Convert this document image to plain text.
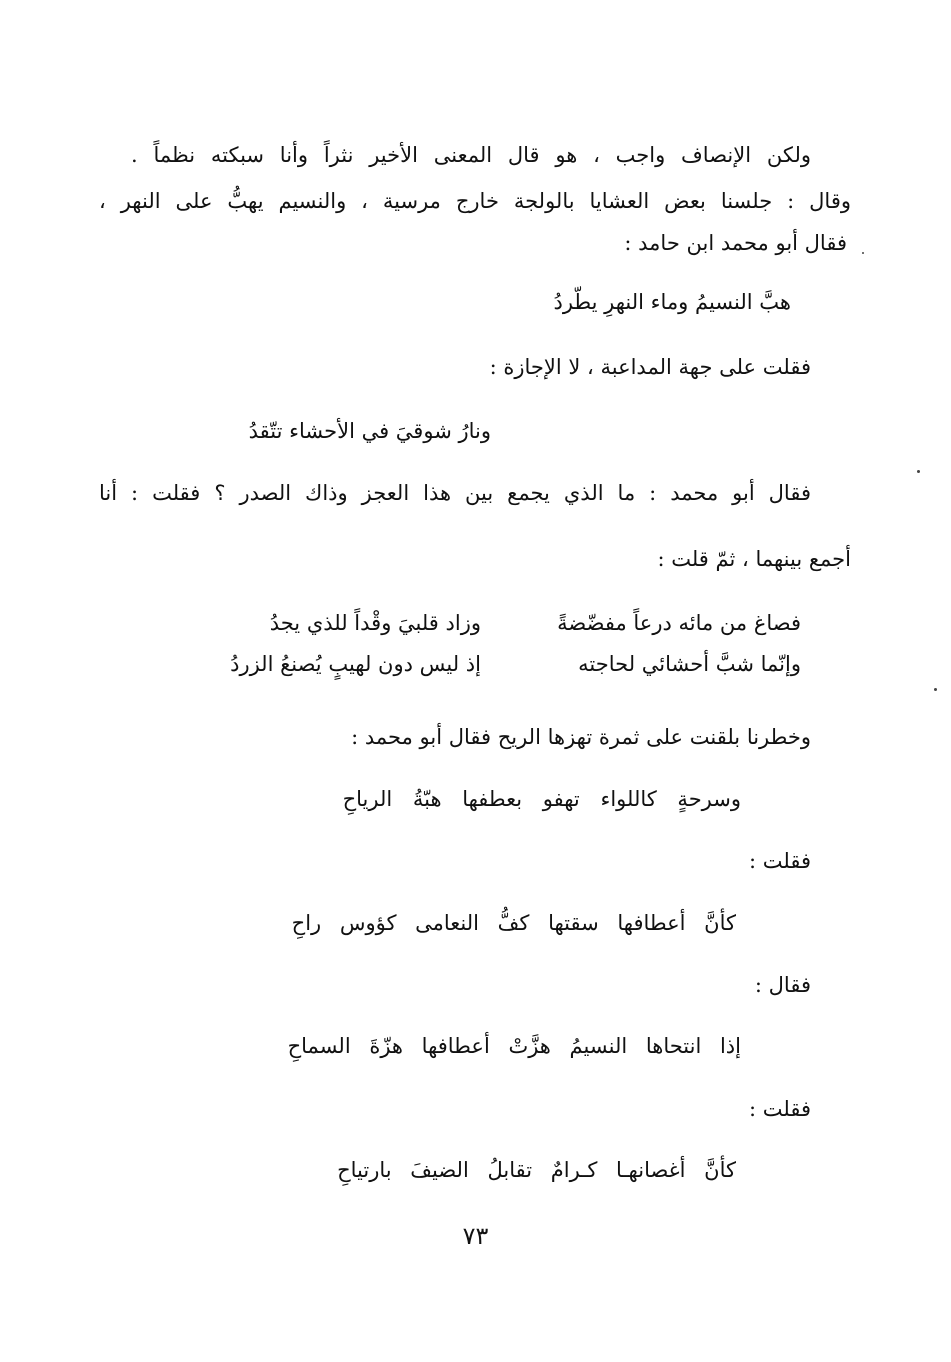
ولكن الإنصاف واجب ، هو قال المعنى الأخير نثراً وأنا سبكته نظماً .
وقال : جلسنا بعض العشايا بالولجة خارج مرسية ، والنسيم يهبُّ على النهر ،
فقال أبو محمد ابن حامد :
هبَّ النسيمُ وماء النهرِ يطّردُ
فقلت على جهة المداعبة ، لا الإجازة :
ونارُ شوقيَ في الأحشاء تتّقدُ
فقال أبو محمد : ما الذي يجمع بين هذا العجز وذاك الصدر ؟ فقلت : أنا
أجمع بينهما ، ثمّ قلت :
فصاغ من مائه درعاً مفضّضةً
وزاد قلبيَ وقْداً للذي يجدُ
وإنّما شبَّ أحشائي لحاجته
إذ ليس دون لهيبٍ يُصنعُ الزردُ
وخطرنا بلقنت على ثمرة تهزها الريح فقال أبو محمد :
وسرحةٍ كاللواء تهفو بعطفها هبّةُ الرياحِ
فقلت :
كأنَّ أعطافها سقتها كفُّ النعامى كؤوس راحِ
فقال :
إذا انتحاها النسيمُ هزَّتْ أعطافها هزّةَ السماحِ
فقلت :
كأنَّ أغصانهـا كـرامٌ تقابلُ الضيفَ بارتياحِ
٧٣
